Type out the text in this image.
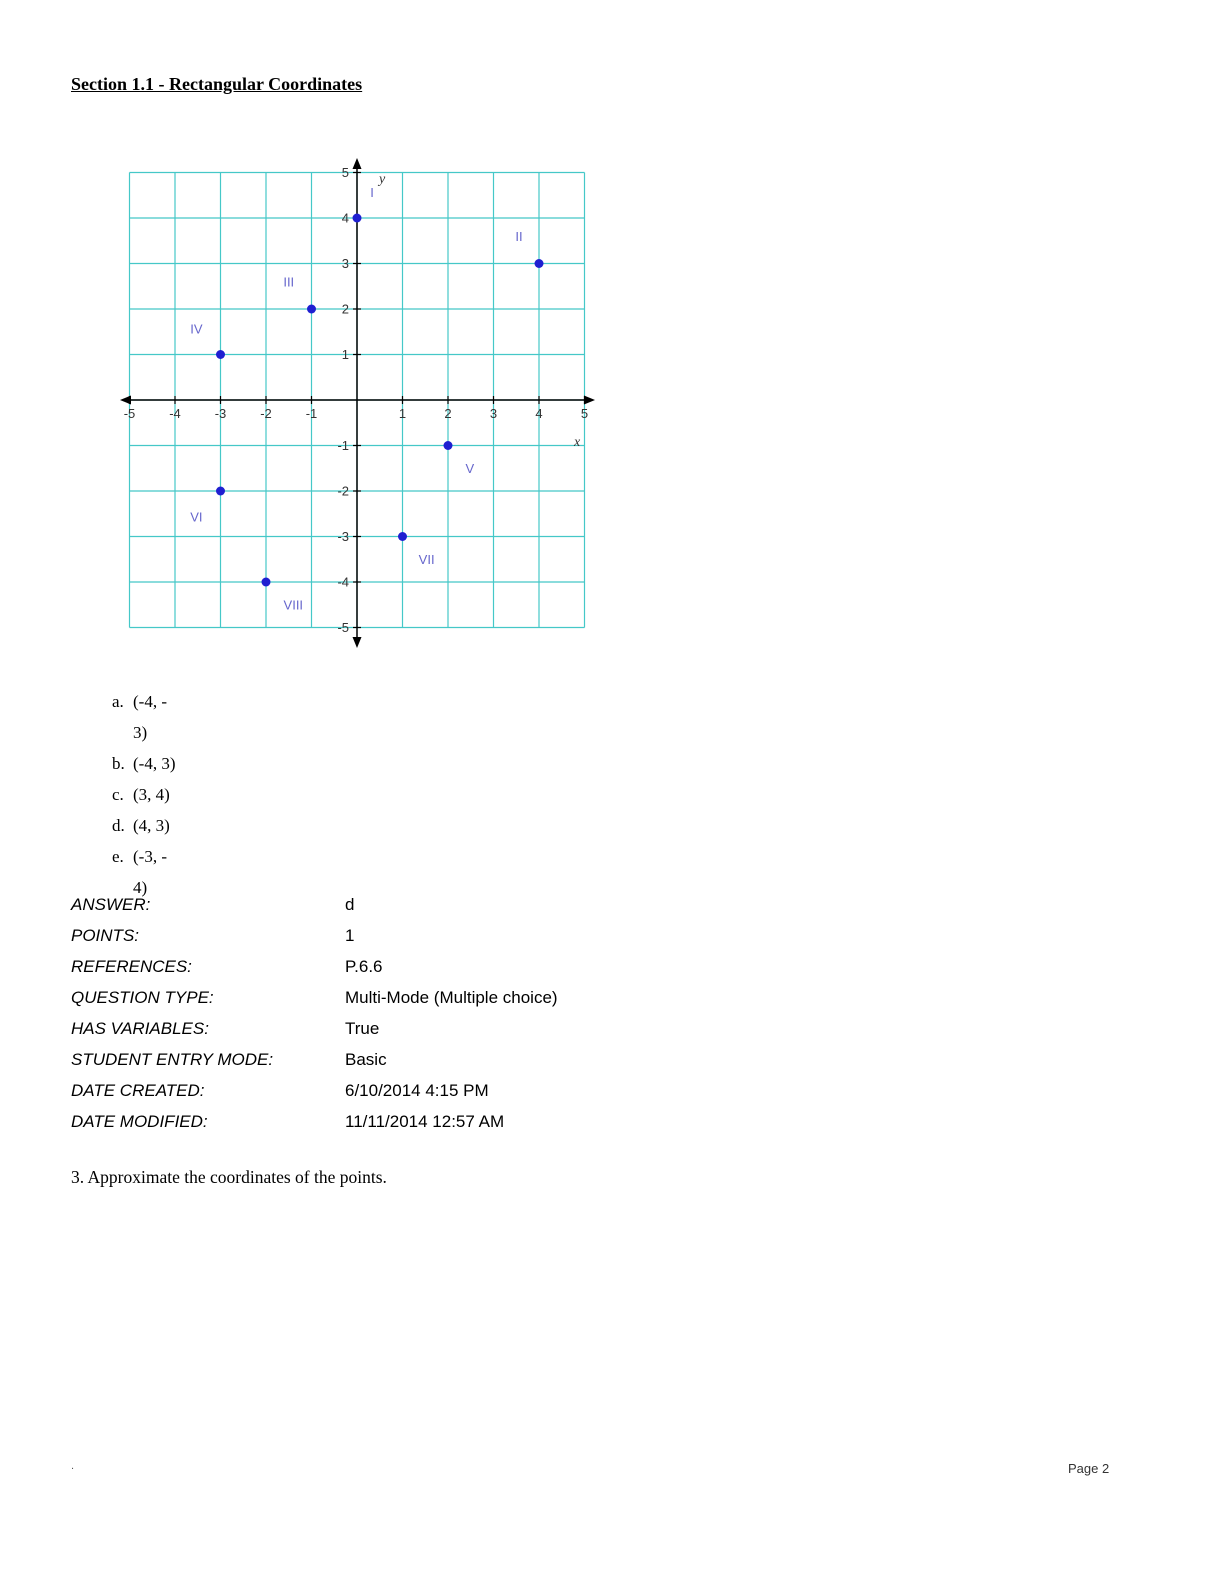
Section 1.1 - Rectangular Coordinates
-5	-4	-3	-2	-1	1	2	3	4	5
-5
-4
-3
-2
-1
1
2
3
4
5 y
x
I
II
III
IV
V
VI
VII
VIII
a. (-4, -
3)
b. (-4, 3)
c. (3, 4)
d. (4, 3)
e. (-3, -
4)
ANSWER:	d
POINTS:	1
REFERENCES:	P.6.6
QUESTION TYPE:	Multi-Mode (Multiple choice)
HAS VARIABLES:	True
STUDENT ENTRY MODE:	Basic
DATE CREATED:	6/10/2014 4:15 PM
DATE MODIFIED:	11/11/2014 12:57 AM
3. Approximate the coordinates of the points.
Page 2
.
